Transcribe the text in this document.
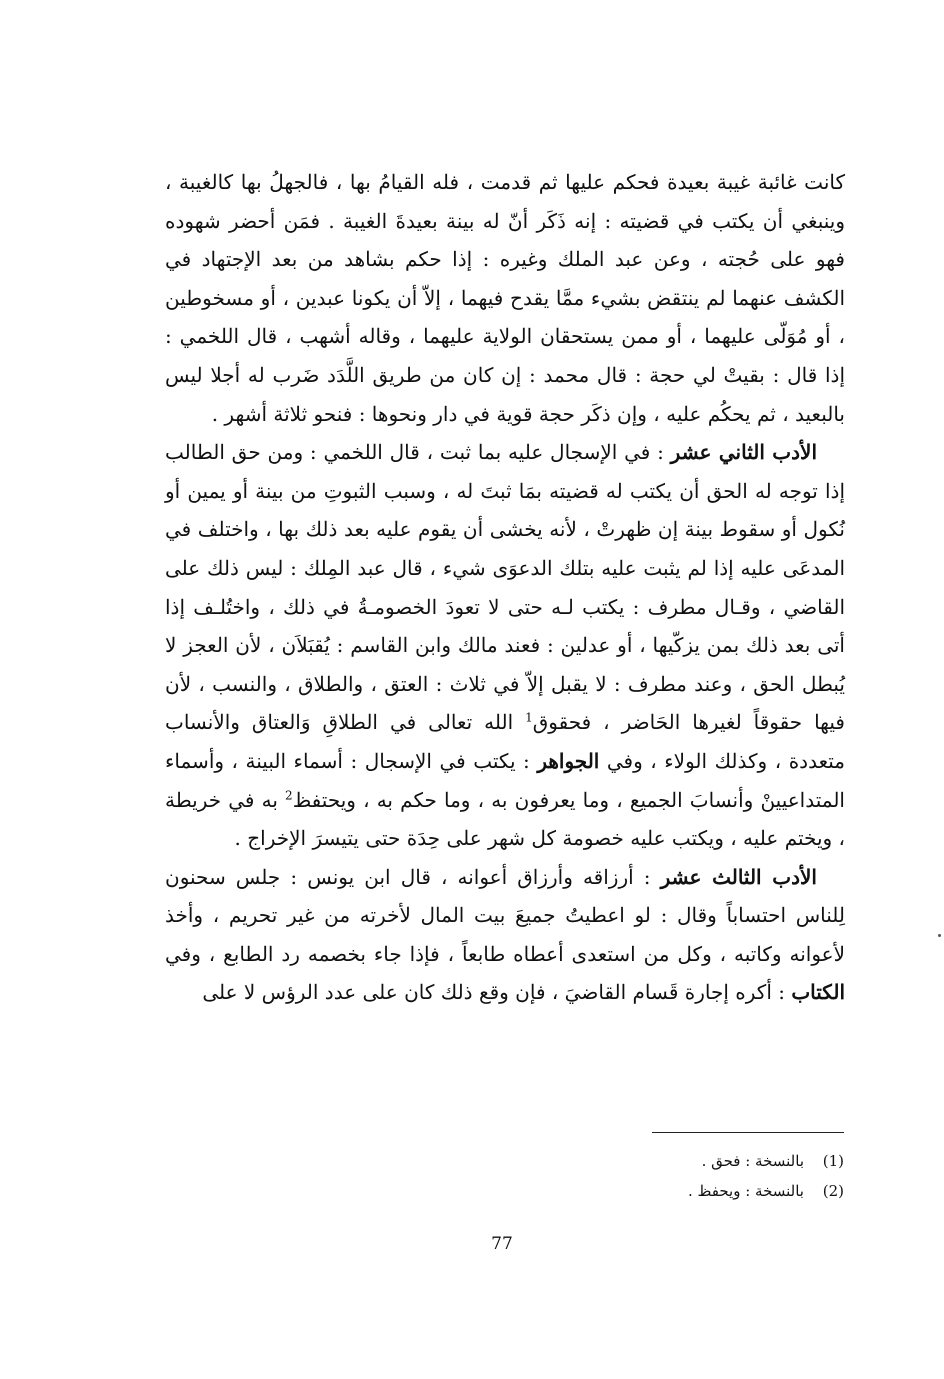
كانت غائبة غيبة بعيدة فحكم عليها ثم قدمت ، فله القيامُ بها ، فالجهلُ بها كالغيبة ، وينبغي أن يكتب في قضيته : إنه ذَكَر أنّ له بينة بعيدةَ الغيبة . فمَن أحضر شهوده فهو على حُجته ، وعن عبد الملك وغيره : إذا حكم بشاهد من بعد الإجتهاد في الكشف عنهما لم ينتقض بشيء ممَّا يقدح فيهما ، إلاّ أن يكونا عبدين ، أو مسخوطين ، أو مُوَلّى عليهما ، أو ممن يستحقان الولاية عليهما ، وقاله أشهب ، قال اللخمي : إذا قال : بقيتْ لي حجة : قال محمد : إن كان من طريق اللَّدَد ضَرب له أجلا ليس بالبعيد ، ثم يحكُم عليه ، وإن ذكَر حجة قوية في دار ونحوها : فنحو ثلاثة أشهر .

الأدب الثاني عشر : في الإسجال عليه بما ثبت ، قال اللخمي : ومن حق الطالب إذا توجه له الحق أن يكتب له قضيته بمَا ثبتَ له ، وسبب الثبوتِ من بينة أو يمين أو نُكول أو سقوط بينة إن ظهرتْ ، لأنه يخشى أن يقوم عليه بعد ذلك بها ، واختلف في المدعَى عليه إذا لم يثبت عليه بتلك الدعوَى شيء ، قال عبد المِلك : ليس ذلك على القاضي ، وقـال مطرف : يكتب لـه حتى لا تعودَ الخصومـةُ في ذلك ، واختُلـف إذا أتى بعد ذلك بمن يزكّيها ، أو عدلين : فعند مالك وابن القاسم : يُقبَلاَن ، لأن العجز لا يُبطل الحق ، وعند مطرف : لا يقبل إلاّ في ثلاث : العتق ، والطلاق ، والنسب ، لأن فيها حقوقاً لغيرها الحَاضر ، فحقوق$^1$ الله تعالى في الطلاقِ وَالعتاق والأنساب متعددة ، وكذلك الولاء ، وفي الجواهر : يكتب في الإسجال : أسماء البينة ، وأسماء المتداعيينْ وأنسابَ الجميع ، وما يعرفون به ، وما حكم به ، ويحتفظ$^2$ به في خريطة ، ويختم عليه ، ويكتب عليه خصومة كل شهر على حِدَة حتى يتيسرَ الإخراج .

الأدب الثالث عشر : أرزاقه وأرزاق أعوانه ، قال ابن يونس : جلس سحنون لِلناس احتساباً وقال : لو اعطيتُ جميعَ بيت المال لأخرته من غير تحريم ، وأخذ لأعوانه وكاتبه ، وكل من استعدى أعطاه طابعاً ، فإذا جاء بخصمه رد الطابع ، وفي الكتاب : أكره إجارة قَسام القاضيَ ، فإن وقع ذلك كان على عدد الرؤس لا على

(1)بالنسخة : فحق .
(2)بالنسخة : ويحفظ .
77
